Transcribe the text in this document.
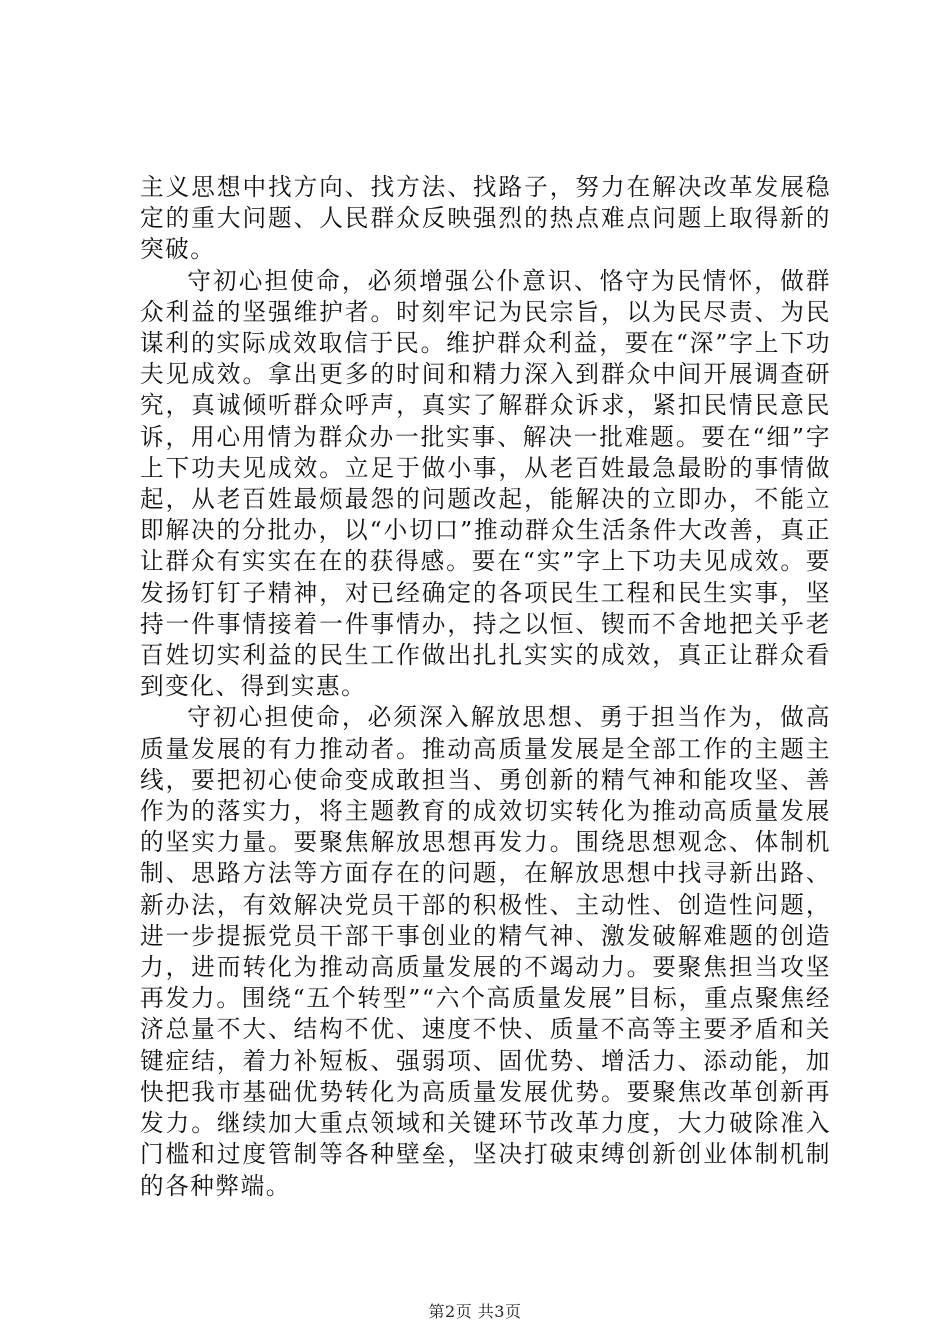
主义思想中找方向、找方法、找路子，努力在解决改革发展稳定的重大问题、人民群众反映强烈的热点难点问题上取得新的突破。

守初心担使命，必须增强公仆意识、恪守为民情怀，做群众利益的坚强维护者。时刻牢记为民宗旨，以为民尽责、为民谋利的实际成效取信于民。维护群众利益，要在“深”字上下功夫见成效。拿出更多的时间和精力深入到群众中间开展调查研究，真诚倾听群众呼声，真实了解群众诉求，紧扣民情民意民诉，用心用情为群众办一批实事、解决一批难题。要在“细”字上下功夫见成效。立足于做小事，从老百姓最急最盼的事情做起，从老百姓最烦最怨的问题改起，能解决的立即办，不能立即解决的分批办，以“小切口”推动群众生活条件大改善，真正让群众有实实在在的获得感。要在“实”字上下功夫见成效。要发扬钉钉子精神，对已经确定的各项民生工程和民生实事，坚持一件事情接着一件事情办，持之以恒、锲而不舍地把关乎老百姓切实利益的民生工作做出扎扎实实的成效，真正让群众看到变化、得到实惠。

守初心担使命，必须深入解放思想、勇于担当作为，做高质量发展的有力推动者。推动高质量发展是全部工作的主题主线，要把初心使命变成敢担当、勇创新的精气神和能攻坚、善作为的落实力，将主题教育的成效切实转化为推动高质量发展的坚实力量。要聚焦解放思想再发力。围绕思想观念、体制机制、思路方法等方面存在的问题，在解放思想中找寻新出路、新办法，有效解决党员干部的积极性、主动性、创造性问题，进一步提振党员干部干事创业的精气神、激发破解难题的创造力，进而转化为推动高质量发展的不竭动力。要聚焦担当攻坚再发力。围绕“五个转型”“六个高质量发展”目标，重点聚焦经济总量不大、结构不优、速度不快、质量不高等主要矛盾和关键症结，着力补短板、强弱项、固优势、增活力、添动能，加快把我市基础优势转化为高质量发展优势。要聚焦改革创新再发力。继续加大重点领域和关键环节改革力度，大力破除准入门槛和过度管制等各种壁垒，坚决打破束缚创新创业体制机制的各种弊端。

第2页 共3页
